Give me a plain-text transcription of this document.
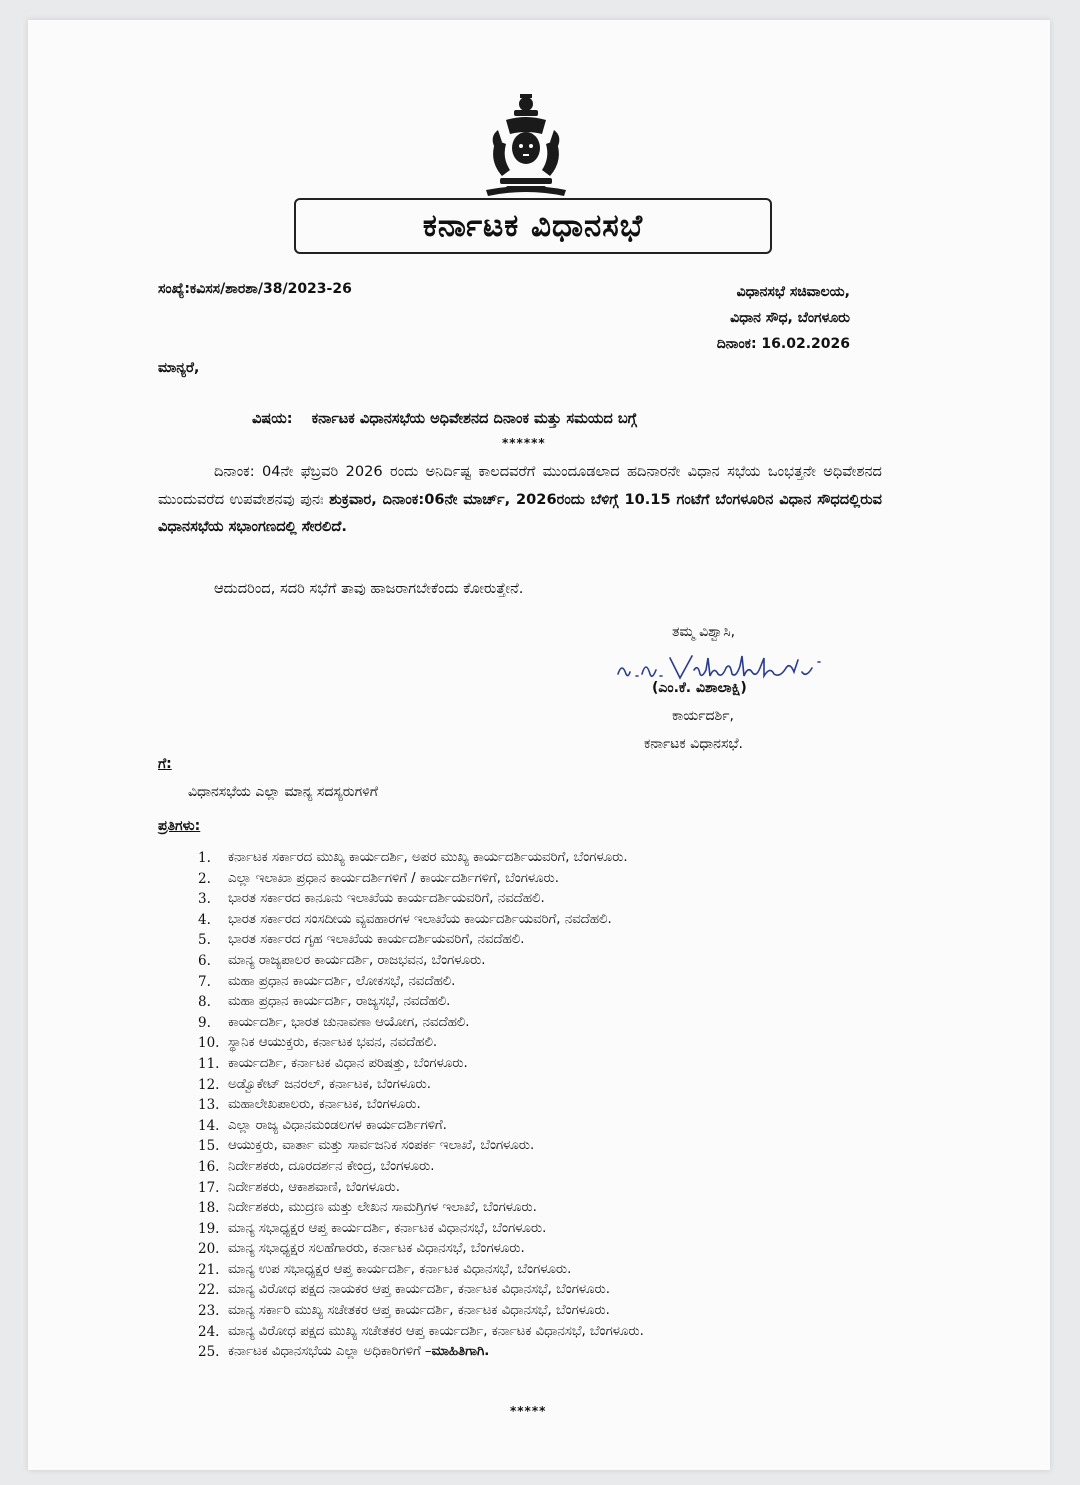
ಕರ್ನಾಟಕ ವಿಧಾನಸಭೆ
ಸಂಖ್ಯೆ:ಕವಿಸಸ/ಶಾರಶಾ/38/2023-26	ವಿಧಾನಸಭೆ ಸಚಿವಾಲಯ,
ವಿಧಾನ ಸೌಧ, ಬೆಂಗಳೂರು
ದಿನಾಂಕ: 16.02.2026
ಮಾನ್ಯರೆ,
ವಿಷಯ: ಕರ್ನಾಟಕ ವಿಧಾನಸಭೆಯ ಅಧಿವೇಶನದ ದಿನಾಂಕ ಮತ್ತು ಸಮಯದ ಬಗ್ಗೆ
******
ದಿನಾಂಕ: 04ನೇ ಫೆಬ್ರವರಿ 2026 ರಂದು ಅನಿರ್ದಿಷ್ಟ ಕಾಲದವರೆಗೆ ಮುಂದೂಡಲಾದ ಹದಿನಾರನೇ ವಿಧಾನ ಸಭೆಯ ಒಂಭತ್ತನೇ ಅಧಿವೇಶನದ ಮುಂದುವರೆದ ಉಪವೇಶನವು ಪುನಃ ಶುಕ್ರವಾರ, ದಿನಾಂಕ:06ನೇ ಮಾರ್ಚ್, 2026ರಂದು ಬೆಳಿಗ್ಗೆ 10.15 ಗಂಟೆಗೆ ಬೆಂಗಳೂರಿನ ವಿಧಾನ ಸೌಧದಲ್ಲಿರುವ ವಿಧಾನಸಭೆಯ ಸಭಾಂಗಣದಲ್ಲಿ ಸೇರಲಿದೆ.
ಆದುದರಿಂದ, ಸದರಿ ಸಭೆಗೆ ತಾವು ಹಾಜರಾಗಬೇಕೆಂದು ಕೋರುತ್ತೇನೆ.
ತಮ್ಮ ವಿಶ್ವಾಸಿ,
(ಎಂ.ಕೆ. ವಿಶಾಲಾಕ್ಷಿ)
ಕಾರ್ಯದರ್ಶಿ,
ಕರ್ನಾಟಕ ವಿಧಾನಸಭೆ.
ಗೆ:
ವಿಧಾನಸಭೆಯ ಎಲ್ಲಾ ಮಾನ್ಯ ಸದಸ್ಯರುಗಳಿಗೆ
ಪ್ರತಿಗಳು:
1.	ಕರ್ನಾಟಕ ಸರ್ಕಾರದ ಮುಖ್ಯ ಕಾರ್ಯದರ್ಶಿ, ಅಪರ ಮುಖ್ಯ ಕಾರ್ಯದರ್ಶಿಯವರಿಗೆ, ಬೆಂಗಳೂರು.
2.	ಎಲ್ಲಾ ಇಲಾಖಾ ಪ್ರಧಾನ ಕಾರ್ಯದರ್ಶಿಗಳಿಗೆ / ಕಾರ್ಯದರ್ಶಿಗಳಿಗೆ, ಬೆಂಗಳೂರು.
3.	ಭಾರತ ಸರ್ಕಾರದ ಕಾನೂನು ಇಲಾಖೆಯ ಕಾರ್ಯದರ್ಶಿಯವರಿಗೆ, ನವದೆಹಲಿ.
4.	ಭಾರತ ಸರ್ಕಾರದ ಸಂಸದೀಯ ವ್ಯವಹಾರಗಳ ಇಲಾಖೆಯ ಕಾರ್ಯದರ್ಶಿಯವರಿಗೆ, ನವದೆಹಲಿ.
5.	ಭಾರತ ಸರ್ಕಾರದ ಗೃಹ ಇಲಾಖೆಯ ಕಾರ್ಯದರ್ಶಿಯವರಿಗೆ, ನವದೆಹಲಿ.
6.	ಮಾನ್ಯ ರಾಜ್ಯಪಾಲರ ಕಾರ್ಯದರ್ಶಿ, ರಾಜಭವನ, ಬೆಂಗಳೂರು.
7.	ಮಹಾ ಪ್ರಧಾನ ಕಾರ್ಯದರ್ಶಿ, ಲೋಕಸಭೆ, ನವದೆಹಲಿ.
8.	ಮಹಾ ಪ್ರಧಾನ ಕಾರ್ಯದರ್ಶಿ, ರಾಜ್ಯಸಭೆ, ನವದೆಹಲಿ.
9.	ಕಾರ್ಯದರ್ಶಿ, ಭಾರತ ಚುನಾವಣಾ ಆಯೋಗ, ನವದೆಹಲಿ.
10. ಸ್ಥಾನಿಕ ಆಯುಕ್ತರು, ಕರ್ನಾಟಕ ಭವನ, ನವದೆಹಲಿ.
11. ಕಾರ್ಯದರ್ಶಿ, ಕರ್ನಾಟಕ ವಿಧಾನ ಪರಿಷತ್ತು, ಬೆಂಗಳೂರು.
12. ಅಡ್ವೊಕೇಟ್ ಜನರಲ್, ಕರ್ನಾಟಕ, ಬೆಂಗಳೂರು.
13. ಮಹಾಲೇಖಪಾಲರು, ಕರ್ನಾಟಕ, ಬೆಂಗಳೂರು.
14. ಎಲ್ಲಾ ರಾಜ್ಯ ವಿಧಾನಮಂಡಲಗಳ ಕಾರ್ಯದರ್ಶಿಗಳಿಗೆ.
15. ಆಯುಕ್ತರು, ವಾರ್ತಾ ಮತ್ತು ಸಾರ್ವಜನಿಕ ಸಂಪರ್ಕ ಇಲಾಖೆ, ಬೆಂಗಳೂರು.
16. ನಿರ್ದೇಶಕರು, ದೂರದರ್ಶನ ಕೇಂದ್ರ, ಬೆಂಗಳೂರು.
17. ನಿರ್ದೇಶಕರು, ಆಕಾಶವಾಣಿ, ಬೆಂಗಳೂರು.
18. ನಿರ್ದೇಶಕರು, ಮುದ್ರಣ ಮತ್ತು ಲೇಖನ ಸಾಮಗ್ರಿಗಳ ಇಲಾಖೆ, ಬೆಂಗಳೂರು.
19. ಮಾನ್ಯ ಸಭಾಧ್ಯಕ್ಷರ ಆಪ್ತ ಕಾರ್ಯದರ್ಶಿ, ಕರ್ನಾಟಕ ವಿಧಾನಸಭೆ, ಬೆಂಗಳೂರು.
20. ಮಾನ್ಯ ಸಭಾಧ್ಯಕ್ಷರ ಸಲಹೆಗಾರರು, ಕರ್ನಾಟಕ ವಿಧಾನಸಭೆ, ಬೆಂಗಳೂರು.
21. ಮಾನ್ಯ ಉಪ ಸಭಾಧ್ಯಕ್ಷರ ಆಪ್ತ ಕಾರ್ಯದರ್ಶಿ, ಕರ್ನಾಟಕ ವಿಧಾನಸಭೆ, ಬೆಂಗಳೂರು.
22. ಮಾನ್ಯ ವಿರೋಧ ಪಕ್ಷದ ನಾಯಕರ ಆಪ್ತ ಕಾರ್ಯದರ್ಶಿ, ಕರ್ನಾಟಕ ವಿಧಾನಸಭೆ, ಬೆಂಗಳೂರು.
23. ಮಾನ್ಯ ಸರ್ಕಾರಿ ಮುಖ್ಯ ಸಚೇತಕರ ಆಪ್ತ ಕಾರ್ಯದರ್ಶಿ, ಕರ್ನಾಟಕ ವಿಧಾನಸಭೆ, ಬೆಂಗಳೂರು.
24. ಮಾನ್ಯ ವಿರೋಧ ಪಕ್ಷದ ಮುಖ್ಯ ಸಚೇತಕರ ಆಪ್ತ ಕಾರ್ಯದರ್ಶಿ, ಕರ್ನಾಟಕ ವಿಧಾನಸಭೆ, ಬೆಂಗಳೂರು.
25. ಕರ್ನಾಟಕ ವಿಧಾನಸಭೆಯ ಎಲ್ಲಾ ಅಧಿಕಾರಿಗಳಿಗೆ – ಮಾಹಿತಿಗಾಗಿ.
*****
